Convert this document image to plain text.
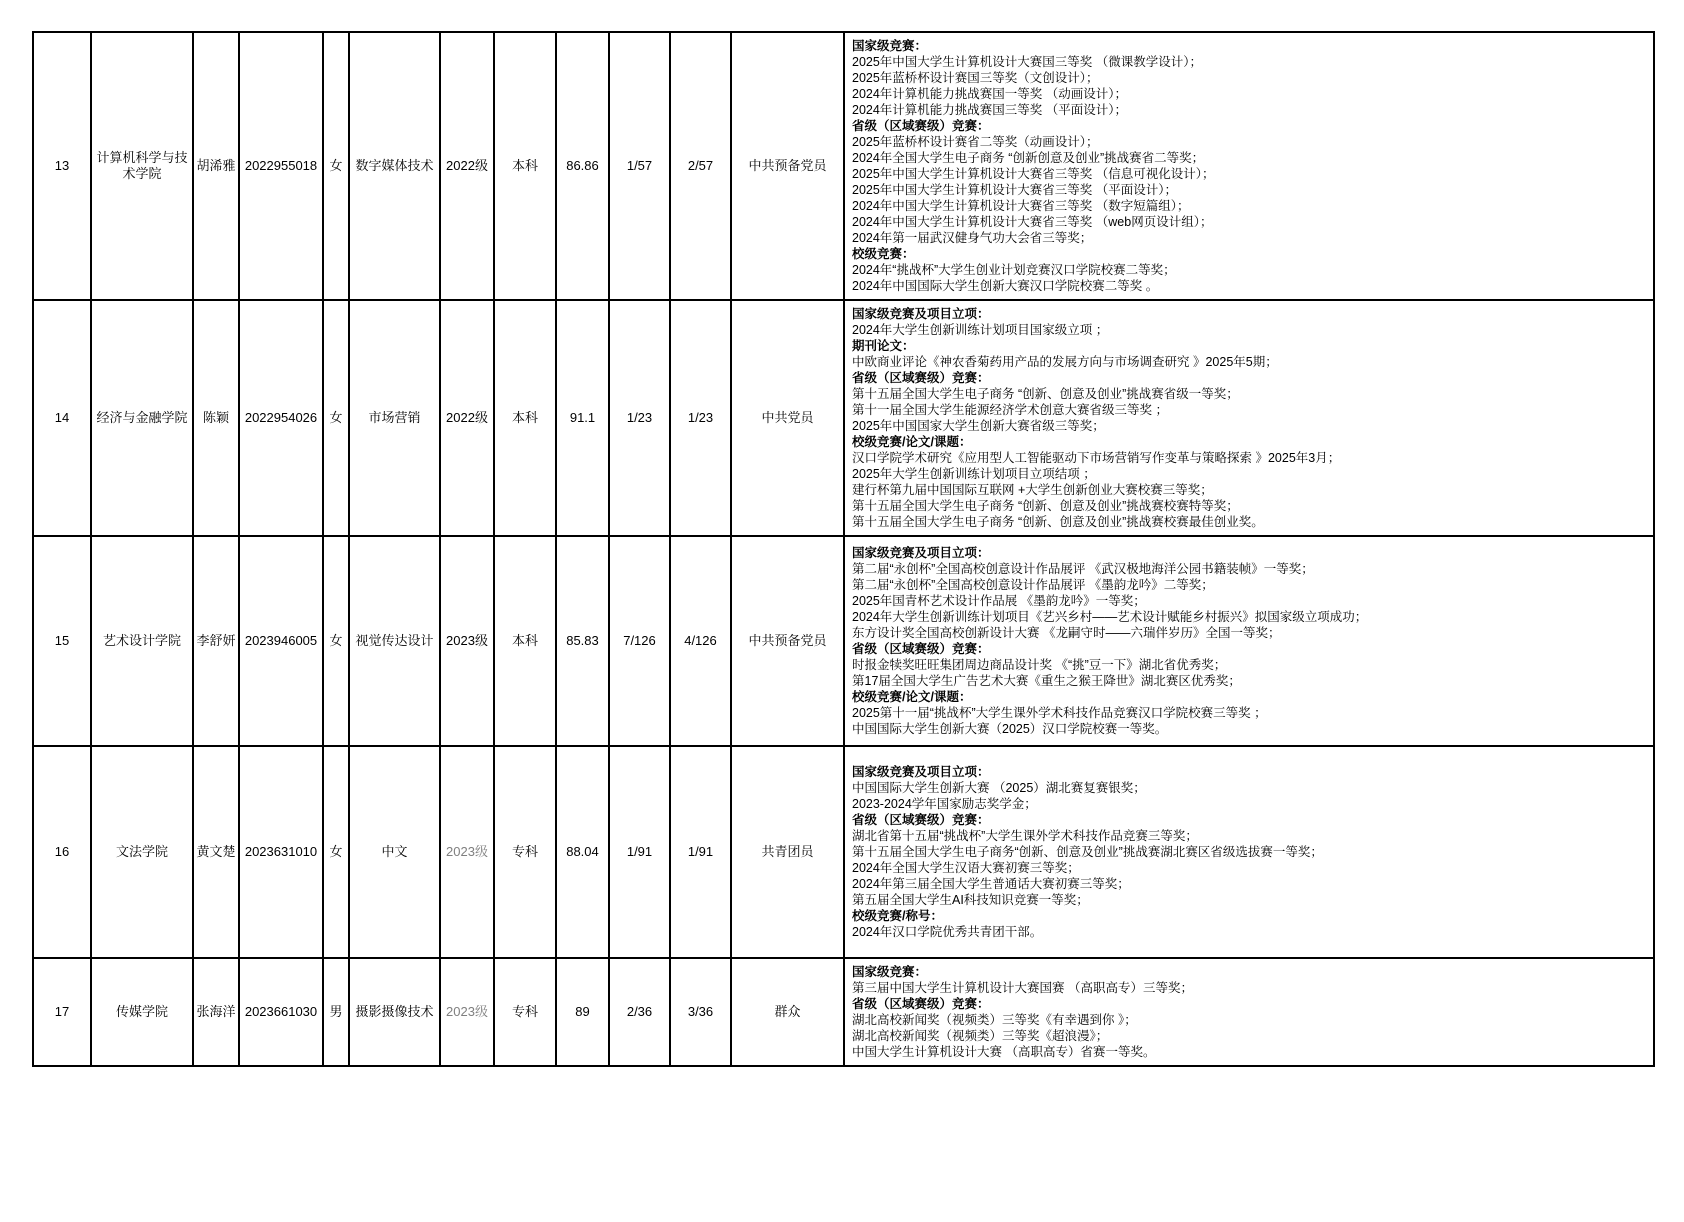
13	计算机科学与技术学院	胡浠雅	2022955018	女	数字媒体技术	2022级	本科	86.86	1/57	2/57	中共预备党员	
国家级竞赛：
2025年中国大学生计算机设计大赛国三等奖 （微课教学设计）；
2025年蓝桥杯设计赛国三等奖（文创设计）；
2024年计算机能力挑战赛国一等奖 （动画设计）；
2024年计算机能力挑战赛国三等奖 （平面设计）；
省级（区域赛级）竞赛：
2025年蓝桥杯设计赛省二等奖（动画设计）；
2024年全国大学生电子商务 “创新创意及创业”挑战赛省二等奖；
2025年中国大学生计算机设计大赛省三等奖 （信息可视化设计）；
2025年中国大学生计算机设计大赛省三等奖 （平面设计）；
2024年中国大学生计算机设计大赛省三等奖 （数字短篇组）；
2024年中国大学生计算机设计大赛省三等奖 （web网页设计组）；
2024年第一届武汉健身气功大会省三等奖；
校级竞赛：
2024年“挑战杯”大学生创业计划竞赛汉口学院校赛二等奖；
2024年中国国际大学生创新大赛汉口学院校赛二等奖 。

14	经济与金融学院	陈颖	2022954026	女	市场营销	2022级	本科	91.1	1/23	1/23	中共党员	
国家级竞赛及项目立项：
2024年大学生创新训练计划项目国家级立项 ；
期刊论文：
中欧商业评论《神农香菊药用产品的发展方向与市场调查研究 》2025年5期；
省级（区域赛级）竞赛：
第十五届全国大学生电子商务 “创新、创意及创业”挑战赛省级一等奖；
第十一届全国大学生能源经济学术创意大赛省级三等奖 ；
2025年中国国家大学生创新大赛省级三等奖；
校级竞赛/论文/课题：
汉口学院学术研究《应用型人工智能驱动下市场营销写作变革与策略探索 》2025年3月；
2025年大学生创新训练计划项目立项结项 ；
建行杯第九届中国国际互联网 +大学生创新创业大赛校赛三等奖；
第十五届全国大学生电子商务 “创新、创意及创业”挑战赛校赛特等奖；
第十五届全国大学生电子商务 “创新、创意及创业”挑战赛校赛最佳创业奖。

15	艺术设计学院	李舒妍	2023946005	女	视觉传达设计	2023级	本科	85.83	7/126	4/126	中共预备党员	
国家级竞赛及项目立项：
第二届“永创杯”全国高校创意设计作品展评 《武汉极地海洋公园书籍装帧》一等奖；
第二届“永创杯”全国高校创意设计作品展评 《墨韵龙吟》二等奖；
2025年国青杯艺术设计作品展 《墨韵龙吟》一等奖；
2024年大学生创新训练计划项目《艺兴乡村——艺术设计赋能乡村振兴》拟国家级立项成功；
东方设计奖全国高校创新设计大赛 《龙嗣守时——六瑞伴岁历》全国一等奖；
省级（区域赛级）竞赛：
时报金犊奖旺旺集团周边商品设计奖 《“挑”豆一下》湖北省优秀奖；
第17届全国大学生广告艺术大赛《重生之猴王降世》湖北赛区优秀奖；
校级竞赛/论文/课题：
2025第十一届“挑战杯”大学生课外学术科技作品竞赛汉口学院校赛三等奖 ；
中国国际大学生创新大赛（2025）汉口学院校赛一等奖。

16	文法学院	黄文楚	2023631010	女	中文	2023级	专科	88.04	1/91	1/91	共青团员	
国家级竞赛及项目立项：
中国国际大学生创新大赛 （2025）湖北赛复赛银奖；
2023-2024学年国家励志奖学金；
省级（区域赛级）竞赛：
湖北省第十五届“挑战杯”大学生课外学术科技作品竞赛三等奖；
第十五届全国大学生电子商务“创新、创意及创业”挑战赛湖北赛区省级选拔赛一等奖；
2024年全国大学生汉语大赛初赛三等奖；
2024年第三届全国大学生普通话大赛初赛三等奖；
第五届全国大学生AI科技知识竞赛一等奖；
校级竞赛/称号：
2024年汉口学院优秀共青团干部。

17	传媒学院	张海洋	2023661030	男	摄影摄像技术	2023级	专科	89	2/36	3/36	群众	
国家级竞赛：
第三届中国大学生计算机设计大赛国赛 （高职高专）三等奖；
省级（区域赛级）竞赛：
湖北高校新闻奖（视频类）三等奖《有幸遇到你 》；
湖北高校新闻奖（视频类）三等奖《超浪漫》；
中国大学生计算机设计大赛 （高职高专）省赛一等奖。
